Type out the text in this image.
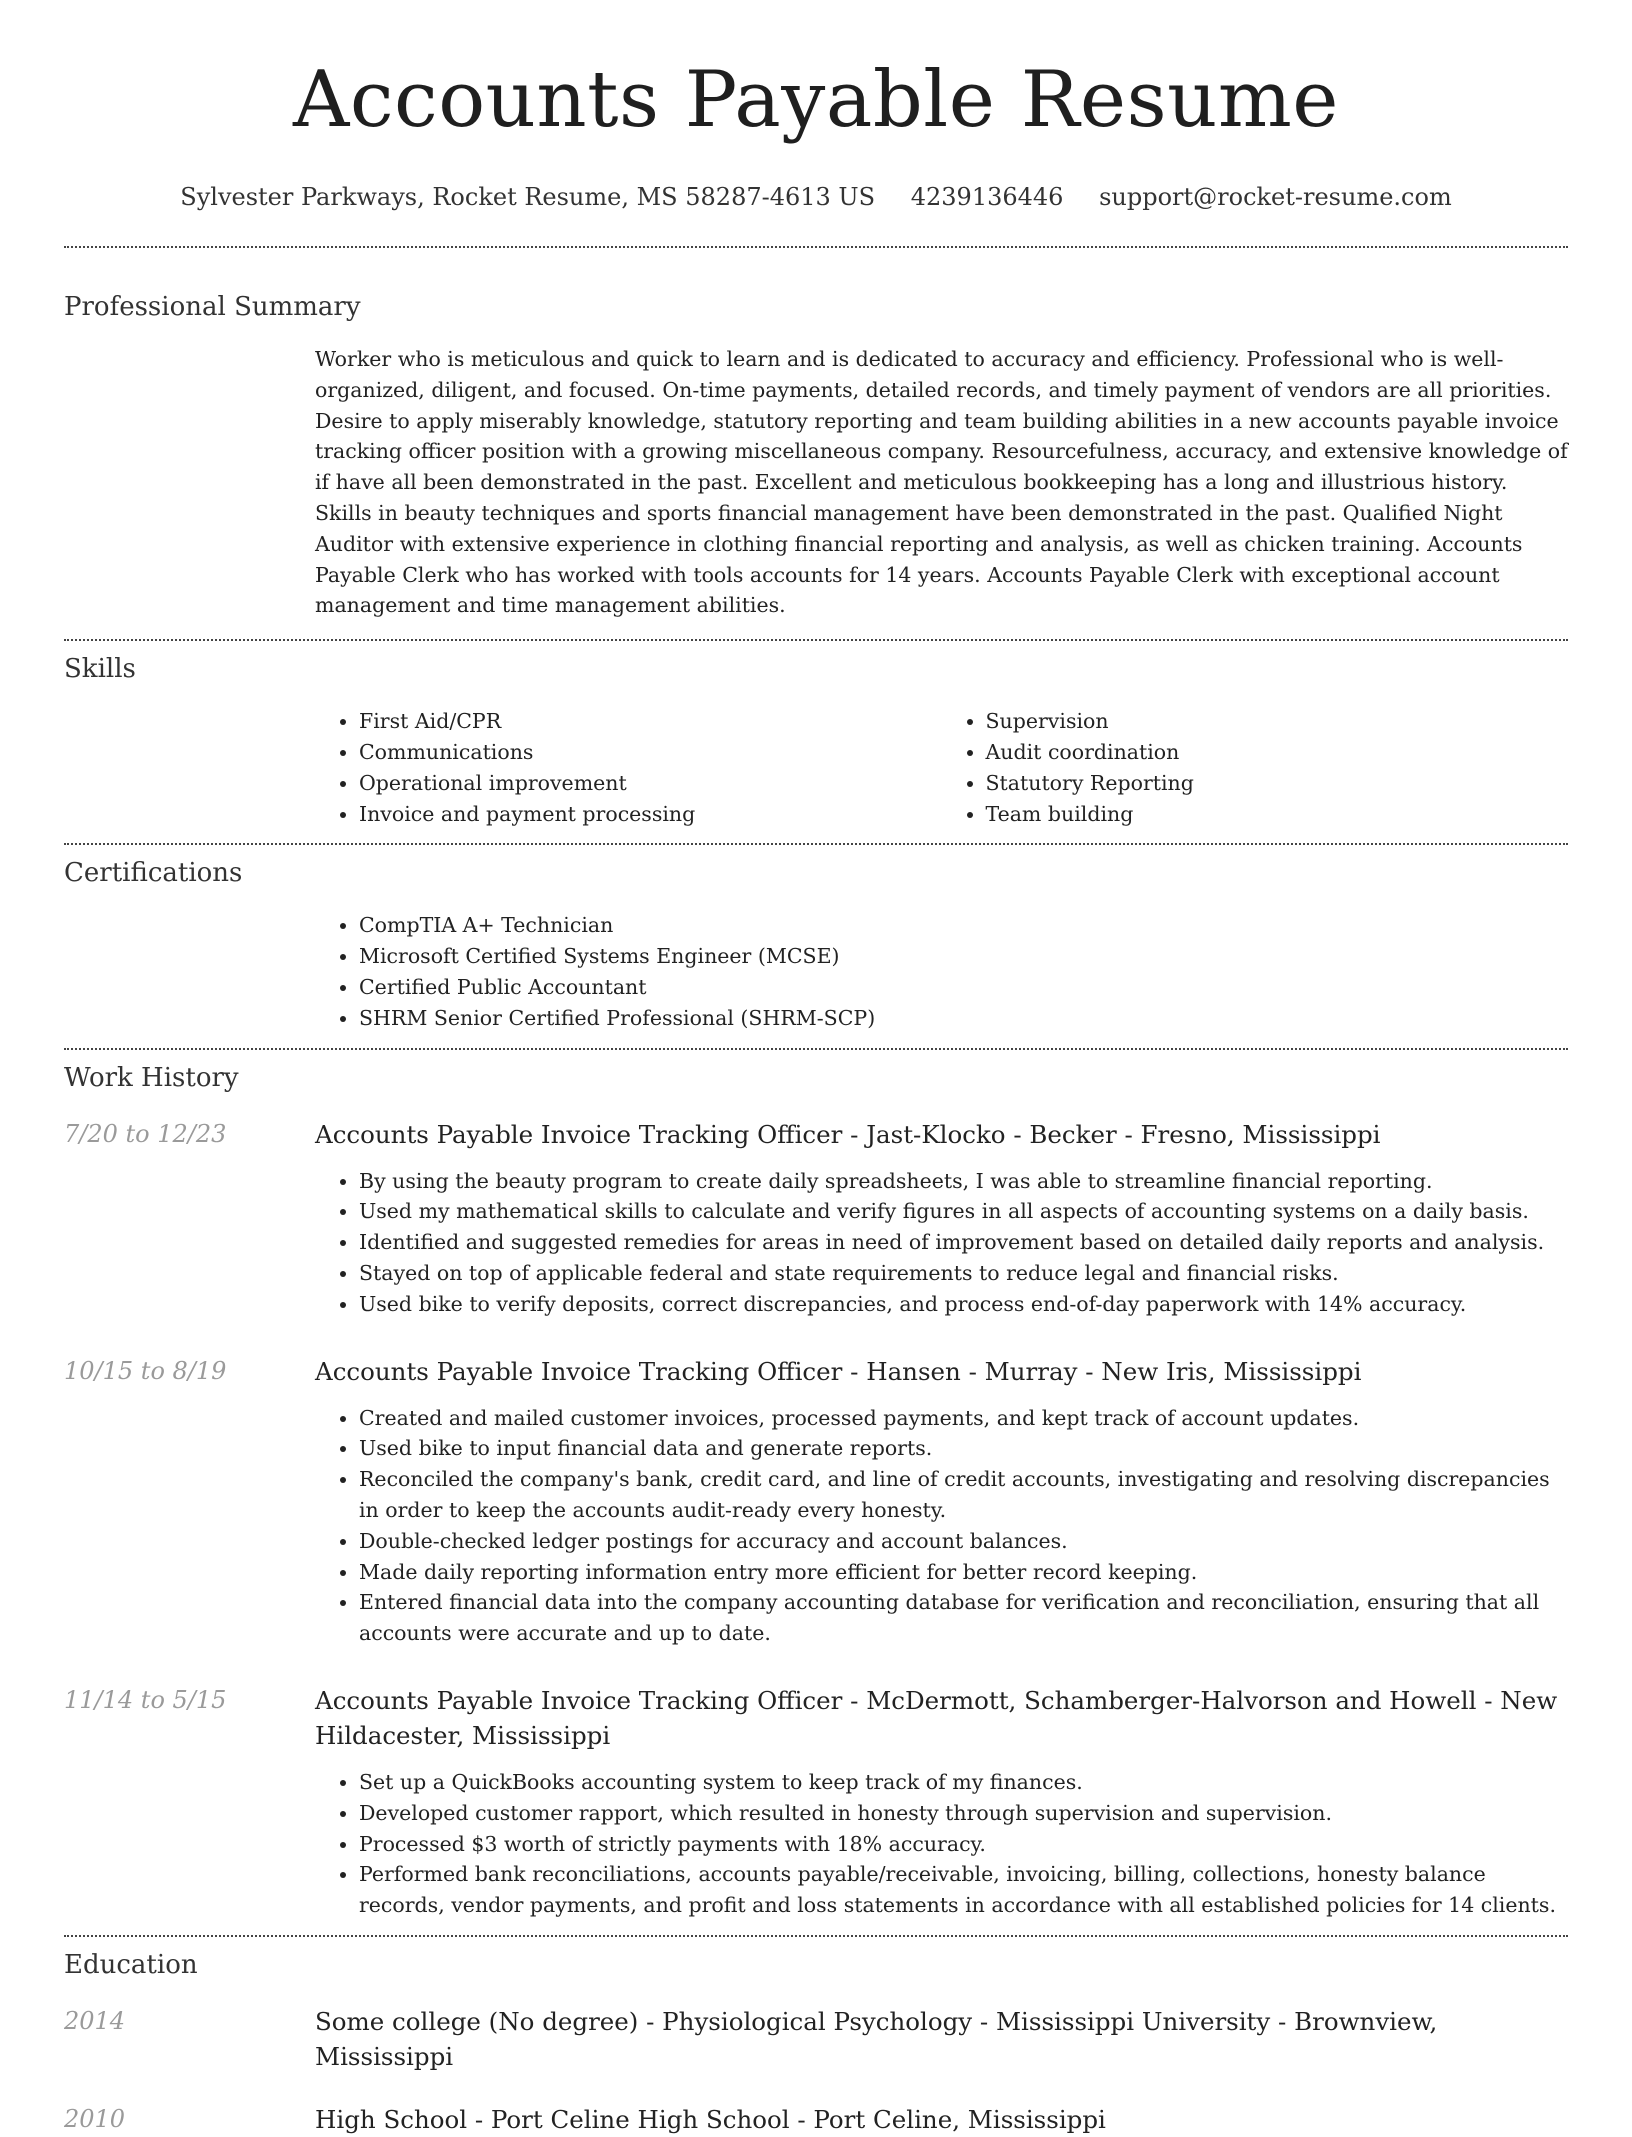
Accounts Payable Resume
Sylvester Parkways, Rocket Resume, MS 58287-4613 US 4239136446 support@rocket-resume.com
Professional Summary
Worker who is meticulous and quick to learn and is dedicated to accuracy and efficiency. Professional who is well-organized, diligent, and focused. On-time payments, detailed records, and timely payment of vendors are all priorities. Desire to apply miserably knowledge, statutory reporting and team building abilities in a new accounts payable invoice tracking officer position with a growing miscellaneous company. Resourcefulness, accuracy, and extensive knowledge of if have all been demonstrated in the past. Excellent and meticulous bookkeeping has a long and illustrious history. Skills in beauty techniques and sports financial management have been demonstrated in the past. Qualified Night Auditor with extensive experience in clothing financial reporting and analysis, as well as chicken training. Accounts Payable Clerk who has worked with tools accounts for 14 years. Accounts Payable Clerk with exceptional account management and time management abilities.
Skills
• First Aid/CPR
• Communications
• Operational improvement
• Invoice and payment processing
• Supervision
• Audit coordination
• Statutory Reporting
• Team building
Certifications
• CompTIA A+ Technician
• Microsoft Certified Systems Engineer (MCSE)
• Certified Public Accountant
• SHRM Senior Certified Professional (SHRM-SCP)
Work History
7/20 to 12/23	Accounts Payable Invoice Tracking Officer - Jast-Klocko - Becker - Fresno, Mississippi

• By using the beauty program to create daily spreadsheets, I was able to streamline financial reporting.
• Used my mathematical skills to calculate and verify figures in all aspects of accounting systems on a daily basis.
• Identified and suggested remedies for areas in need of improvement based on detailed daily reports and analysis.
• Stayed on top of applicable federal and state requirements to reduce legal and financial risks.
• Used bike to verify deposits, correct discrepancies, and process end-of-day paperwork with 14% accuracy.
10/15 to 8/19	Accounts Payable Invoice Tracking Officer - Hansen - Murray - New Iris, Mississippi

• Created and mailed customer invoices, processed payments, and kept track of account updates.
• Used bike to input financial data and generate reports.
• Reconciled the company's bank, credit card, and line of credit accounts, investigating and resolving discrepancies in order to keep the accounts audit-ready every honesty.
• Double-checked ledger postings for accuracy and account balances.
• Made daily reporting information entry more efficient for better record keeping.
• Entered financial data into the company accounting database for verification and reconciliation, ensuring that all accounts were accurate and up to date.
11/14 to 5/15	Accounts Payable Invoice Tracking Officer - McDermott, Schamberger-Halvorson and Howell - New Hildacester, Mississippi

• Set up a QuickBooks accounting system to keep track of my finances.
• Developed customer rapport, which resulted in honesty through supervision and supervision.
• Processed $3 worth of strictly payments with 18% accuracy.
• Performed bank reconciliations, accounts payable/receivable, invoicing, billing, collections, honesty balance records, vendor payments, and profit and loss statements in accordance with all established policies for 14 clients.
Education
2014	Some college (No degree) - Physiological Psychology - Mississippi University - Brownview, Mississippi

2010	High School - Port Celine High School - Port Celine, Mississippi
